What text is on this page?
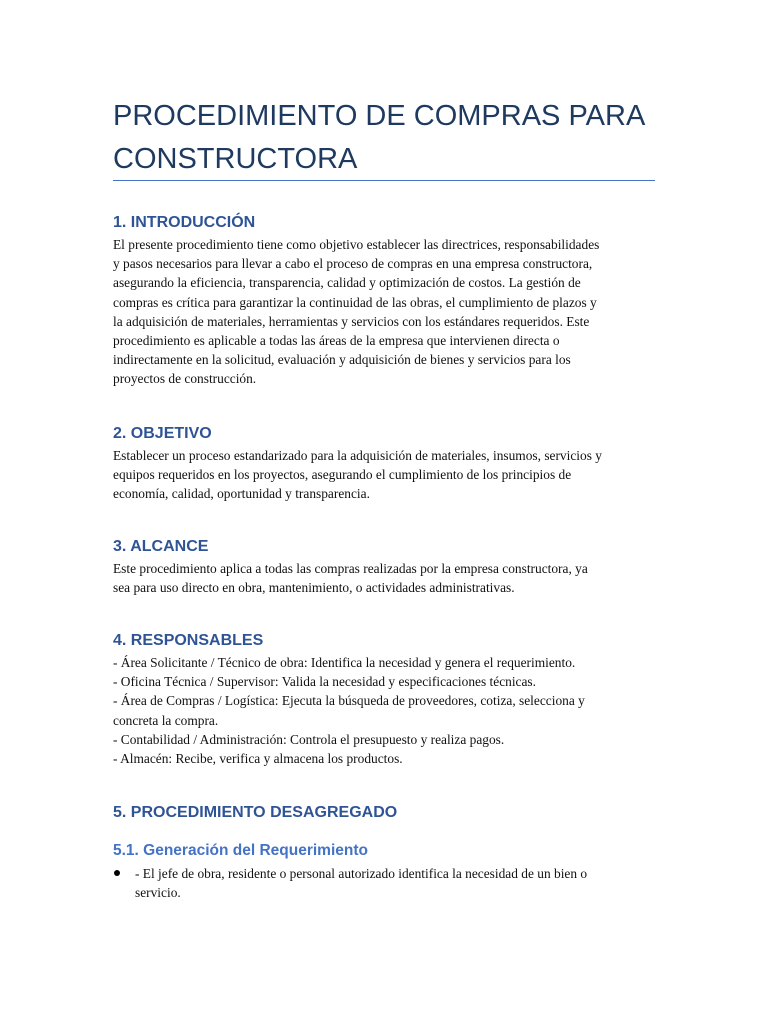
PROCEDIMIENTO DE COMPRAS PARA
CONSTRUCTORA
1. INTRODUCCIÓN

El presente procedimiento tiene como objetivo establecer las directrices, responsabilidades
y pasos necesarios para llevar a cabo el proceso de compras en una empresa constructora,
asegurando la eficiencia, transparencia, calidad y optimización de costos. La gestión de
compras es crítica para garantizar la continuidad de las obras, el cumplimiento de plazos y
la adquisición de materiales, herramientas y servicios con los estándares requeridos. Este
procedimiento es aplicable a todas las áreas de la empresa que intervienen directa o
indirectamente en la solicitud, evaluación y adquisición de bienes y servicios para los
proyectos de construcción.

2. OBJETIVO

Establecer un proceso estandarizado para la adquisición de materiales, insumos, servicios y
equipos requeridos en los proyectos, asegurando el cumplimiento de los principios de
economía, calidad, oportunidad y transparencia.

3. ALCANCE

Este procedimiento aplica a todas las compras realizadas por la empresa constructora, ya
sea para uso directo en obra, mantenimiento, o actividades administrativas.

4. RESPONSABLES

- Área Solicitante / Técnico de obra: Identifica la necesidad y genera el requerimiento.
- Oficina Técnica / Supervisor: Valida la necesidad y especificaciones técnicas.
- Área de Compras / Logística: Ejecuta la búsqueda de proveedores, cotiza, selecciona y
concreta la compra.
- Contabilidad / Administración: Controla el presupuesto y realiza pagos.
- Almacén: Recibe, verifica y almacena los productos.

5. PROCEDIMIENTO DESAGREGADO
5.1. Generación del Requerimiento
- El jefe de obra, residente o personal autorizado identifica la necesidad de un bien o
servicio.
